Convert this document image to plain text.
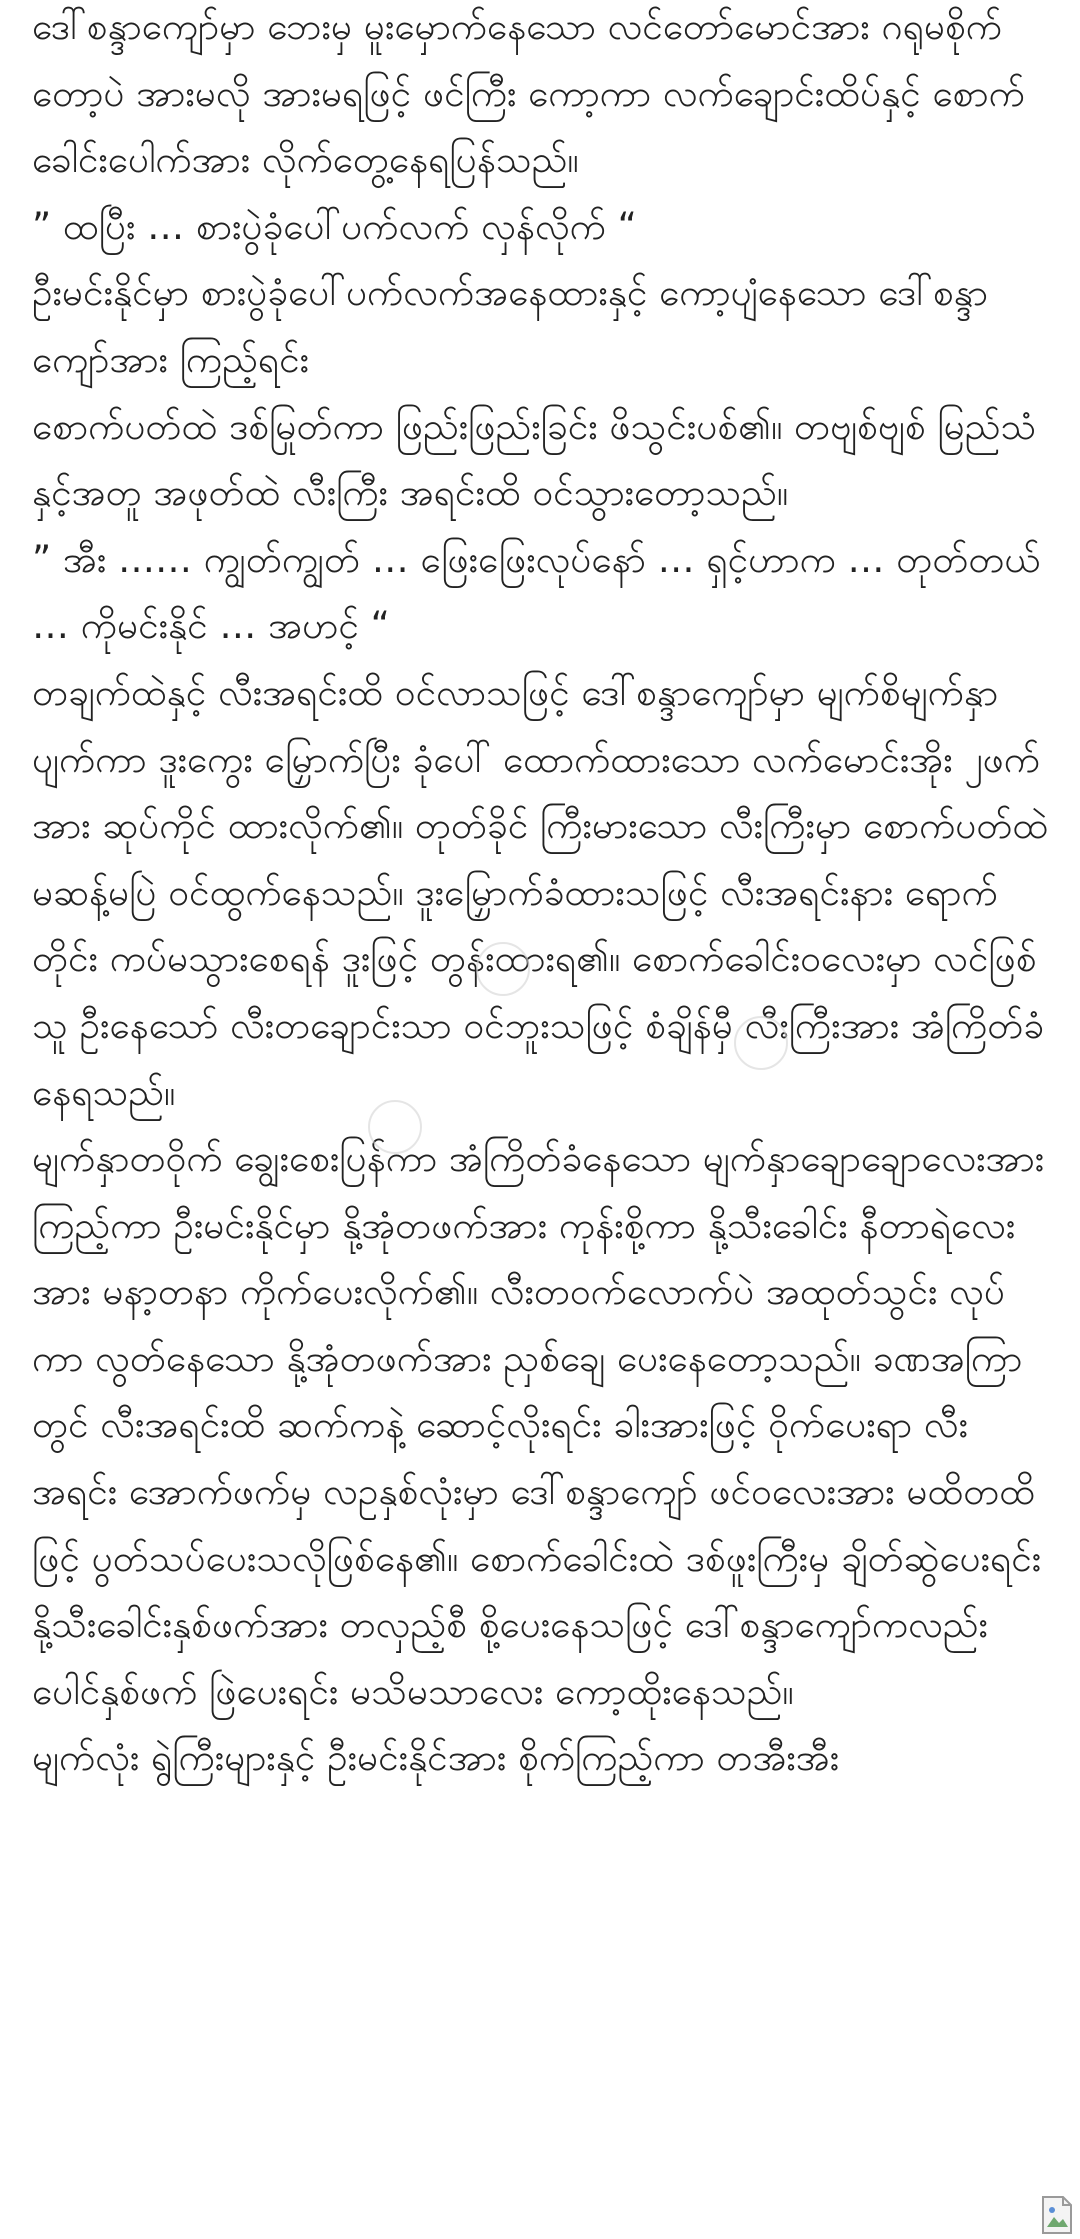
ဒေါ်စန္ဒာကျော်မှာ ဘေးမှ မူးမှောက်နေသော လင်တော်မောင်အား ဂရုမစိုက်တော့ပဲ အားမလို အားမရဖြင့် ဖင်ကြီး ကော့ကာ လက်ချောင်းထိပ်နှင့် စောက်ခေါင်းပေါက်အား လိုက်တွေ့နေရပြန်သည်။

” ထပြီး … စားပွဲခုံပေါ်ပက်လက် လှန်လိုက် “

ဦးမင်းနိုင်မှာ စားပွဲခုံပေါ်ပက်လက်အနေထားနှင့် ကော့ပျံနေသော ဒေါ်စန္ဒာကျော်အား ကြည့်ရင်း

စောက်ပတ်ထဲ ဒစ်မြုတ်ကာ ဖြည်းဖြည်းခြင်း ဖိသွင်းပစ်၏။ တဗျစ်ဗျစ် မြည်သံနှင့်အတူ အဖုတ်ထဲ လီးကြီး အရင်းထိ ဝင်သွားတော့သည်။

” အီး …… ကျွတ်ကျွတ် … ဖြေးဖြေးလုပ်နော် … ရှင့်ဟာက … တုတ်တယ် … ကိုမင်းနိုင် … အဟင့် “

တချက်ထဲနှင့် လီးအရင်းထိ ဝင်လာသဖြင့် ဒေါ်စန္ဒာကျော်မှာ မျက်စိမျက်နှာ ပျက်ကာ ဒူးကွေး မြှောက်ပြီး ခုံပေါ် ထောက်ထားသော လက်မောင်းအိုး ၂ဖက်အား ဆုပ်ကိုင် ထားလိုက်၏။ တုတ်ခိုင် ကြီးမားသော လီးကြီးမှာ စောက်ပတ်ထဲ မဆန့်မပြဲ ဝင်ထွက်နေသည်။ ဒူးမြှောက်ခံထားသဖြင့် လီးအရင်းနား ရောက်တိုင်း ကပ်မသွားစေရန် ဒူးဖြင့် တွန်းထားရ၏။ စောက်ခေါင်းဝလေးမှာ လင်ဖြစ်သူ ဦးနေသော် လီးတချောင်းသာ ဝင်ဘူးသဖြင့် စံချိန်မှီ လီးကြီးအား အံကြိတ်ခံနေရသည်။

မျက်နှာတဝိုက် ချွေးစေးပြန်ကာ အံကြိတ်ခံနေသော မျက်နှာချောချောလေးအား ကြည့်ကာ ဦးမင်းနိုင်မှာ နို့အုံတဖက်အား ကုန်းစို့ကာ နို့သီးခေါင်း နီတာရဲလေးအား မနာ့တနာ ကိုက်ပေးလိုက်၏။ လီးတဝက်လောက်ပဲ အထုတ်သွင်း လုပ်ကာ လွတ်နေသော နို့အုံတဖက်အား ညှစ်ချေ ပေးနေတော့သည်။ ခဏအကြာတွင် လီးအရင်းထိ ဆက်ကနဲ့ ဆောင့်လိုးရင်း ခါးအားဖြင့် ဝိုက်ပေးရာ လီးအရင်း အောက်ဖက်မှ လဥနှစ်လုံးမှာ ဒေါ်စန္ဒာကျော် ဖင်ဝလေးအား မထိတထိဖြင့် ပွတ်သပ်ပေးသလိုဖြစ်နေ၏။ စောက်ခေါင်းထဲ ဒစ်ဖူးကြီးမှ ချိတ်ဆွဲပေးရင်း နို့သီးခေါင်းနှစ်ဖက်အား တလှည့်စီ စို့ပေးနေသဖြင့် ဒေါ်စန္ဒာကျော်ကလည်း ပေါင်နှစ်ဖက် ဖြဲပေးရင်း မသိမသာလေး ကော့ထိုးနေသည်။

မျက်လုံး ရွဲကြီးများနှင့် ဦးမင်းနိုင်အား စိုက်ကြည့်ကာ တအီးအီး
